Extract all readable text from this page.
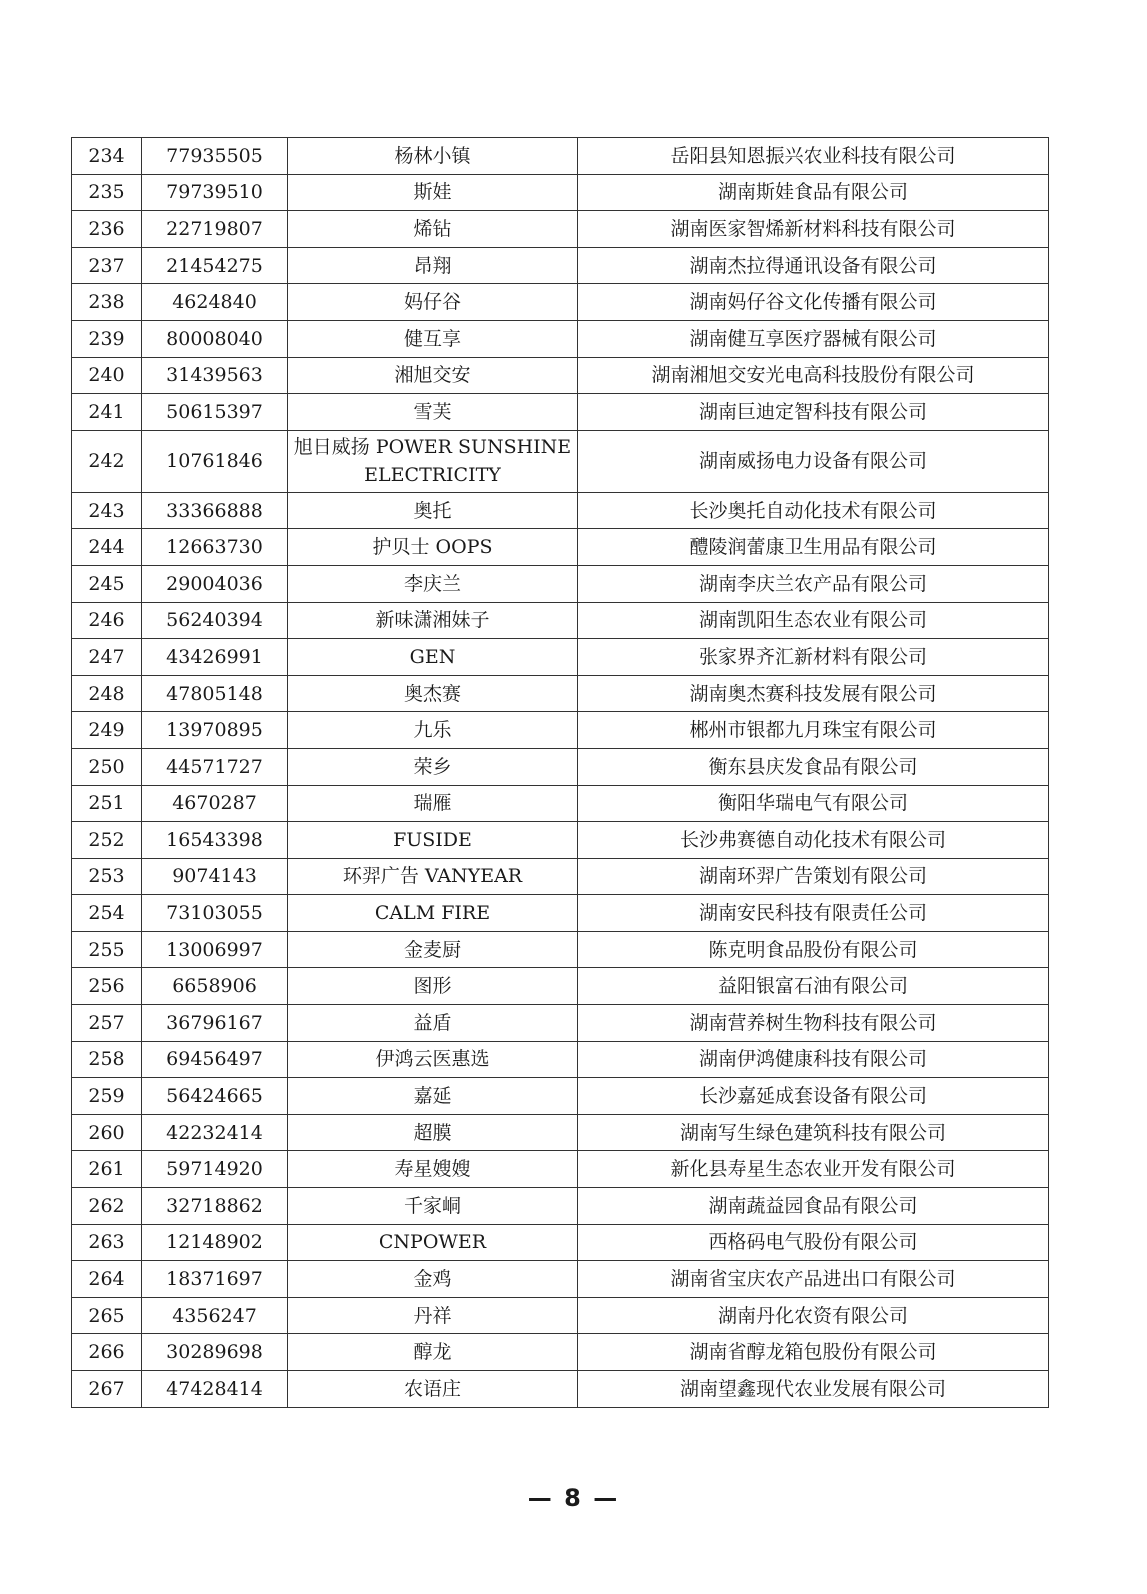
234	77935505	杨林小镇	岳阳县知恩振兴农业科技有限公司
235	79739510	斯娃	湖南斯娃食品有限公司
236	22719807	烯钻	湖南医家智烯新材料科技有限公司
237	21454275	昂翔	湖南杰拉得通讯设备有限公司
238	4624840	妈仔谷	湖南妈仔谷文化传播有限公司
239	80008040	健互享	湖南健互享医疗器械有限公司
240	31439563	湘旭交安	湖南湘旭交安光电高科技股份有限公司
241	50615397	雪芙	湖南巨迪定智科技有限公司
242	10761846	旭日威扬 POWER SUNSHINE ELECTRICITY	湖南威扬电力设备有限公司
243	33366888	奥托	长沙奥托自动化技术有限公司
244	12663730	护贝士 OOPS	醴陵润蕾康卫生用品有限公司
245	29004036	李庆兰	湖南李庆兰农产品有限公司
246	56240394	新味潇湘妹子	湖南凯阳生态农业有限公司
247	43426991	GEN	张家界齐汇新材料有限公司
248	47805148	奥杰赛	湖南奥杰赛科技发展有限公司
249	13970895	九乐	郴州市银都九月珠宝有限公司
250	44571727	荣乡	衡东县庆发食品有限公司
251	4670287	瑞雁	衡阳华瑞电气有限公司
252	16543398	FUSIDE	长沙弗赛德自动化技术有限公司
253	9074143	环羿广告 VANYEAR	湖南环羿广告策划有限公司
254	73103055	CALM FIRE	湖南安民科技有限责任公司
255	13006997	金麦厨	陈克明食品股份有限公司
256	6658906	图形	益阳银富石油有限公司
257	36796167	益盾	湖南营养树生物科技有限公司
258	69456497	伊鸿云医惠选	湖南伊鸿健康科技有限公司
259	56424665	嘉延	长沙嘉延成套设备有限公司
260	42232414	超膜	湖南写生绿色建筑科技有限公司
261	59714920	寿星嫂嫂	新化县寿星生态农业开发有限公司
262	32718862	千家峒	湖南蔬益园食品有限公司
263	12148902	CNPOWER	西格码电气股份有限公司
264	18371697	金鸡	湖南省宝庆农产品进出口有限公司
265	4356247	丹祥	湖南丹化农资有限公司
266	30289698	醇龙	湖南省醇龙箱包股份有限公司
267	47428414	农语庄	湖南望鑫现代农业发展有限公司
— 8 —
